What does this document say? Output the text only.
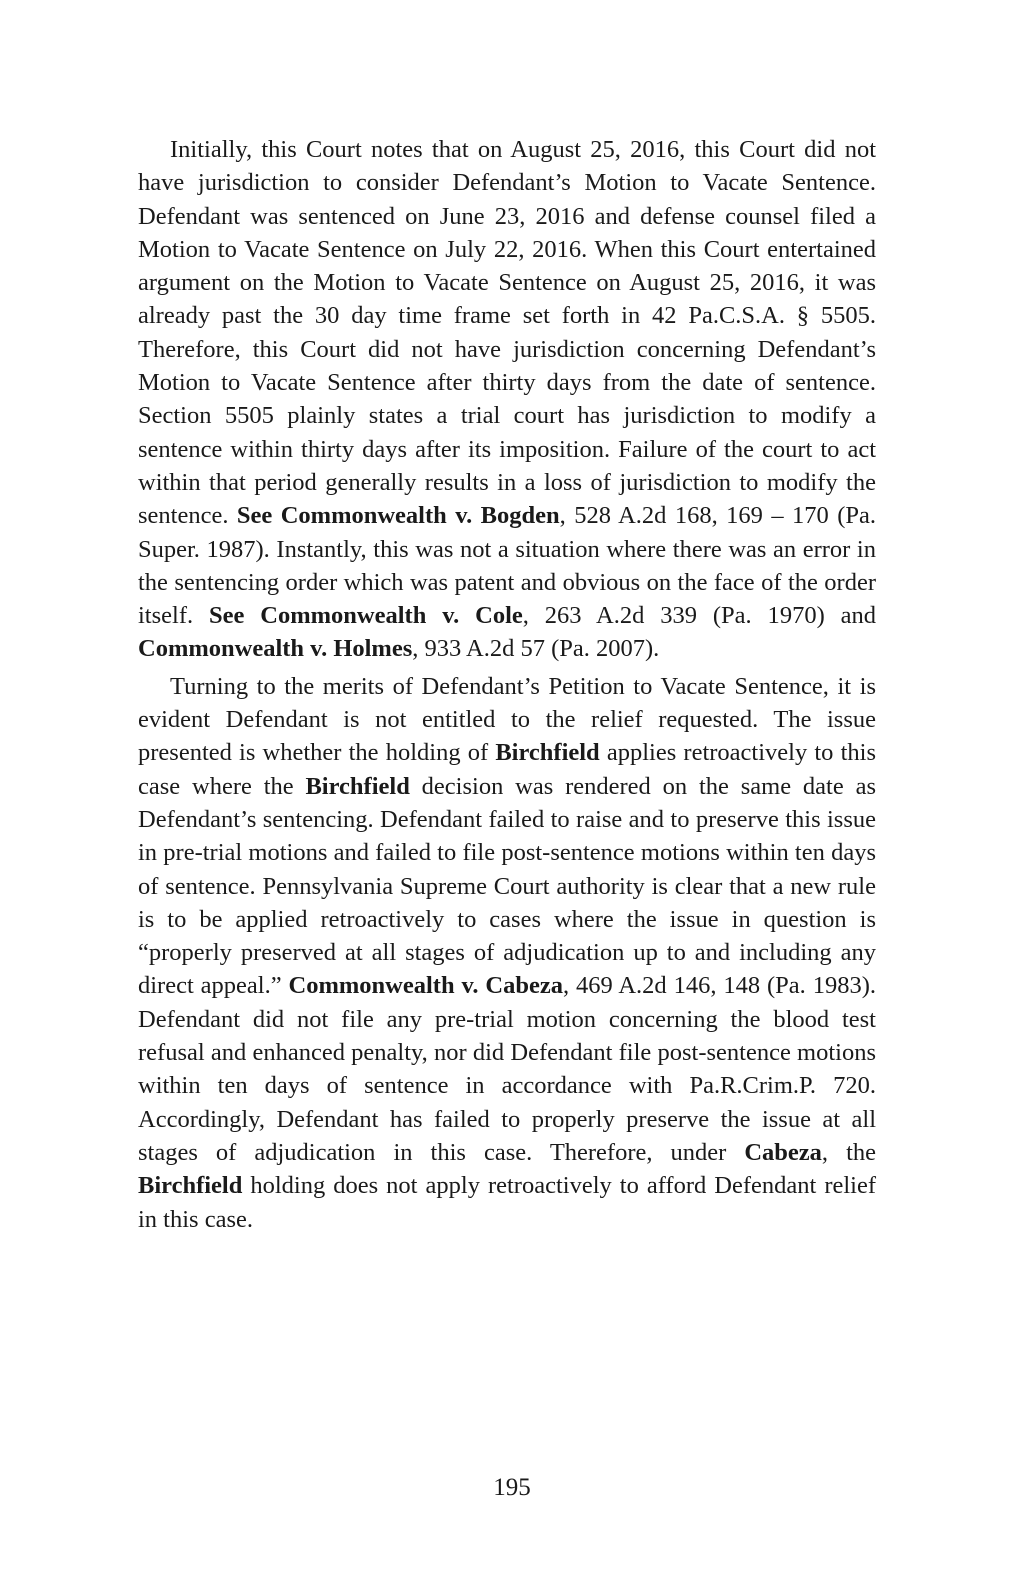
Initially, this Court notes that on August 25, 2016, this Court did not have jurisdiction to consider Defendant’s Motion to Vacate Sentence. Defendant was sentenced on June 23, 2016 and defense counsel filed a Motion to Vacate Sentence on July 22, 2016. When this Court entertained argument on the Motion to Vacate Sentence on August 25, 2016, it was already past the 30 day time frame set forth in 42 Pa.C.S.A. § 5505. Therefore, this Court did not have jurisdiction concerning Defendant’s Motion to Vacate Sentence after thirty days from the date of sentence. Section 5505 plainly states a trial court has jurisdiction to modify a sentence within thirty days after its imposition. Failure of the court to act within that period generally results in a loss of jurisdiction to modify the sentence. See Commonwealth v. Bogden, 528 A.2d 168, 169 – 170 (Pa. Super. 1987). Instantly, this was not a situation where there was an error in the sentencing order which was patent and obvious on the face of the order itself. See Commonwealth v. Cole, 263 A.2d 339 (Pa. 1970) and Commonwealth v. Holmes, 933 A.2d 57 (Pa. 2007).

Turning to the merits of Defendant’s Petition to Vacate Sentence, it is evident Defendant is not entitled to the relief requested. The issue presented is whether the holding of Birchfield applies retroactively to this case where the Birchfield decision was rendered on the same date as Defendant’s sentencing. Defendant failed to raise and to preserve this issue in pre-trial motions and failed to file post-sentence motions within ten days of sentence. Pennsylvania Supreme Court authority is clear that a new rule is to be applied retroactively to cases where the issue in question is “properly preserved at all stages of adjudication up to and including any direct appeal.” Commonwealth v. Cabeza, 469 A.2d 146, 148 (Pa. 1983). Defendant did not file any pre-trial motion concerning the blood test refusal and enhanced penalty, nor did Defendant file post-sentence motions within ten days of sentence in accordance with Pa.R.Crim.P. 720. Accordingly, Defendant has failed to properly preserve the issue at all stages of adjudication in this case. Therefore, under Cabeza, the Birchfield holding does not apply retroactively to afford Defendant relief in this case.

195
